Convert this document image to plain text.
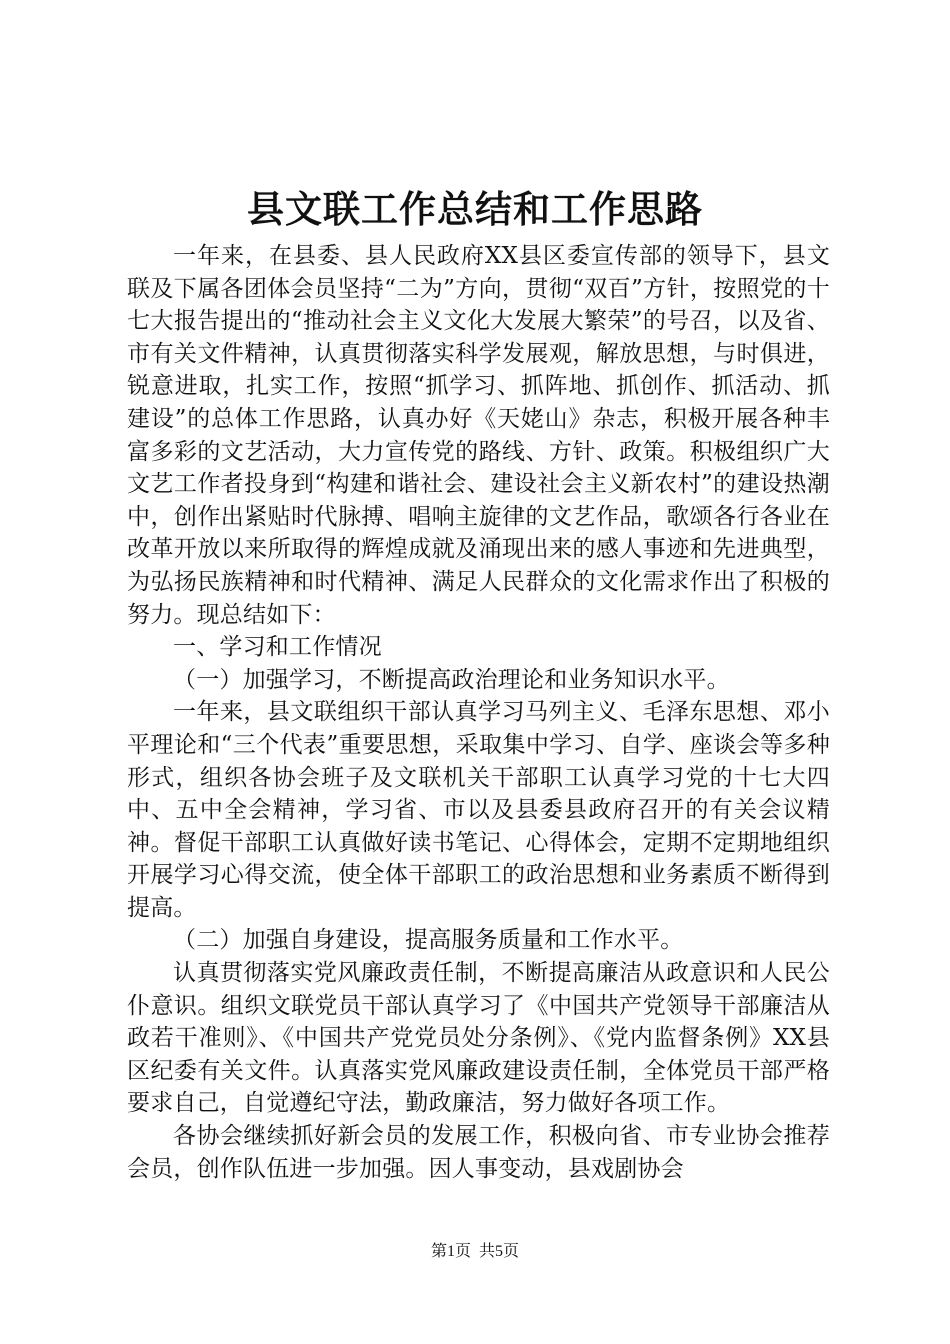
县文联工作总结和工作思路

一年来，在县委、县人民政府XX县区委宣传部的领导下，县文联及下属各团体会员坚持“二为”方向，贯彻“双百”方针，按照党的十七大报告提出的“推动社会主义文化大发展大繁荣”的号召，以及省、市有关文件精神，认真贯彻落实科学发展观，解放思想，与时俱进，锐意进取，扎实工作，按照“抓学习、抓阵地、抓创作、抓活动、抓建设”的总体工作思路，认真办好《天姥山》杂志，积极开展各种丰富多彩的文艺活动，大力宣传党的路线、方针、政策。积极组织广大文艺工作者投身到“构建和谐社会、建设社会主义新农村”的建设热潮中，创作出紧贴时代脉搏、唱响主旋律的文艺作品，歌颂各行各业在改革开放以来所取得的辉煌成就及涌现出来的感人事迹和先进典型，为弘扬民族精神和时代精神、满足人民群众的文化需求作出了积极的努力。现总结如下：

一、学习和工作情况

（一）加强学习，不断提高政治理论和业务知识水平。

一年来，县文联组织干部认真学习马列主义、毛泽东思想、邓小平理论和“三个代表”重要思想，采取集中学习、自学、座谈会等多种形式，组织各协会班子及文联机关干部职工认真学习党的十七大四中、五中全会精神，学习省、市以及县委县政府召开的有关会议精神。督促干部职工认真做好读书笔记、心得体会，定期不定期地组织开展学习心得交流，使全体干部职工的政治思想和业务素质不断得到提高。

（二）加强自身建设，提高服务质量和工作水平。

认真贯彻落实党风廉政责任制，不断提高廉洁从政意识和人民公仆意识。组织文联党员干部认真学习了《中国共产党领导干部廉洁从政若干准则》、《中国共产党党员处分条例》、《党内监督条例》XX县区纪委有关文件。认真落实党风廉政建设责任制，全体党员干部严格要求自己，自觉遵纪守法，勤政廉洁，努力做好各项工作。

各协会继续抓好新会员的发展工作，积极向省、市专业协会推荐会员，创作队伍进一步加强。因人事变动，县戏剧协会

第1页 共5页
